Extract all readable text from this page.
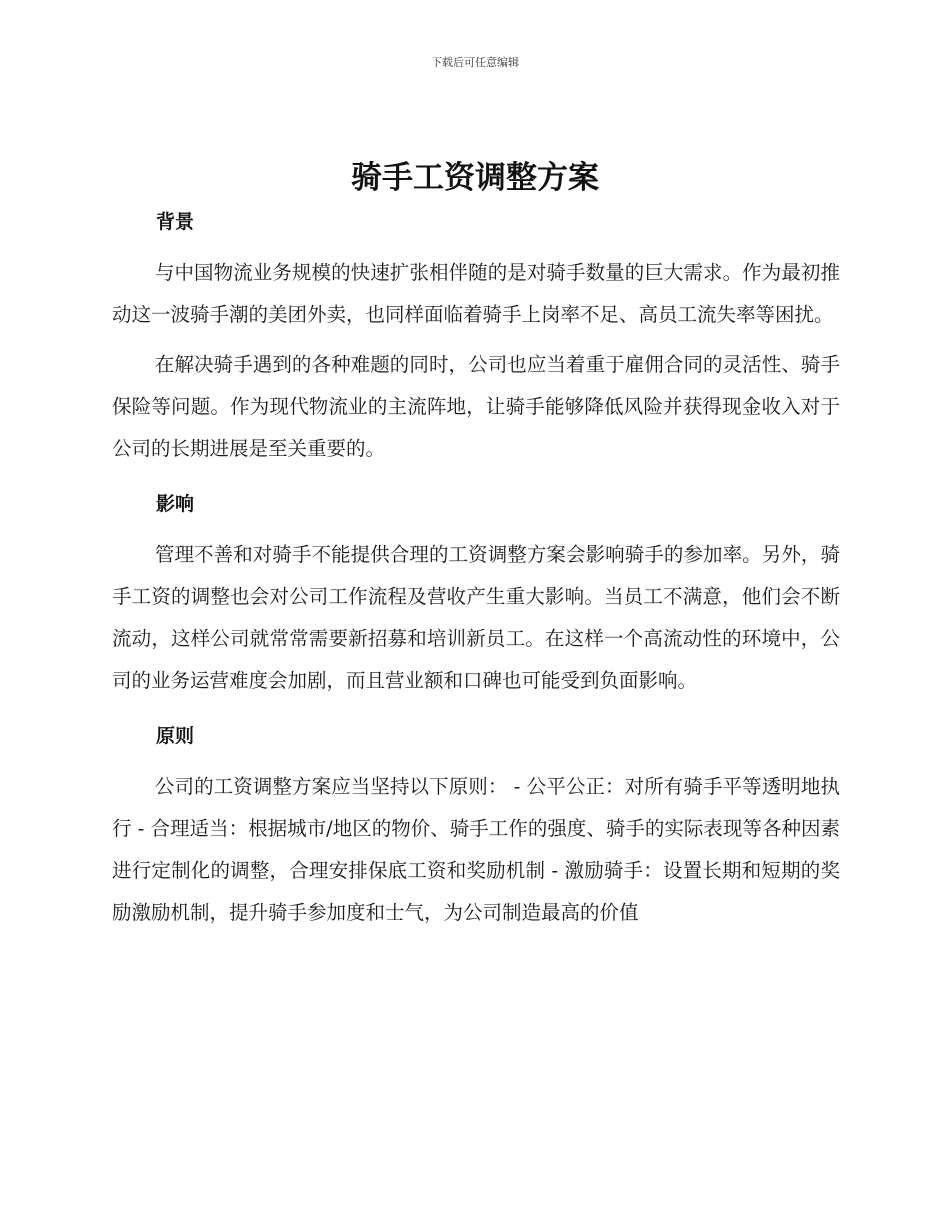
下载后可任意编辑
骑手工资调整方案
背景

与中国物流业务规模的快速扩张相伴随的是对骑手数量的巨大需求。作为最初推动这一波骑手潮的美团外卖，也同样面临着骑手上岗率不足、高员工流失率等困扰。

在解决骑手遇到的各种难题的同时，公司也应当着重于雇佣合同的灵活性、骑手保险等问题。作为现代物流业的主流阵地，让骑手能够降低风险并获得现金收入对于公司的长期进展是至关重要的。

影响

管理不善和对骑手不能提供合理的工资调整方案会影响骑手的参加率。另外，骑手工资的调整也会对公司工作流程及营收产生重大影响。当员工不满意，他们会不断流动，这样公司就常常需要新招募和培训新员工。在这样一个高流动性的环境中，公司的业务运营难度会加剧，而且营业额和口碑也可能受到负面影响。

原则

公司的工资调整方案应当坚持以下原则： - 公平公正：对所有骑手平等透明地执行 - 合理适当：根据城市/地区的物价、骑手工作的强度、骑手的实际表现等各种因素进行定制化的调整，合理安排保底工资和奖励机制 - 激励骑手：设置长期和短期的奖励激励机制，提升骑手参加度和士气，为公司制造最高的价值
